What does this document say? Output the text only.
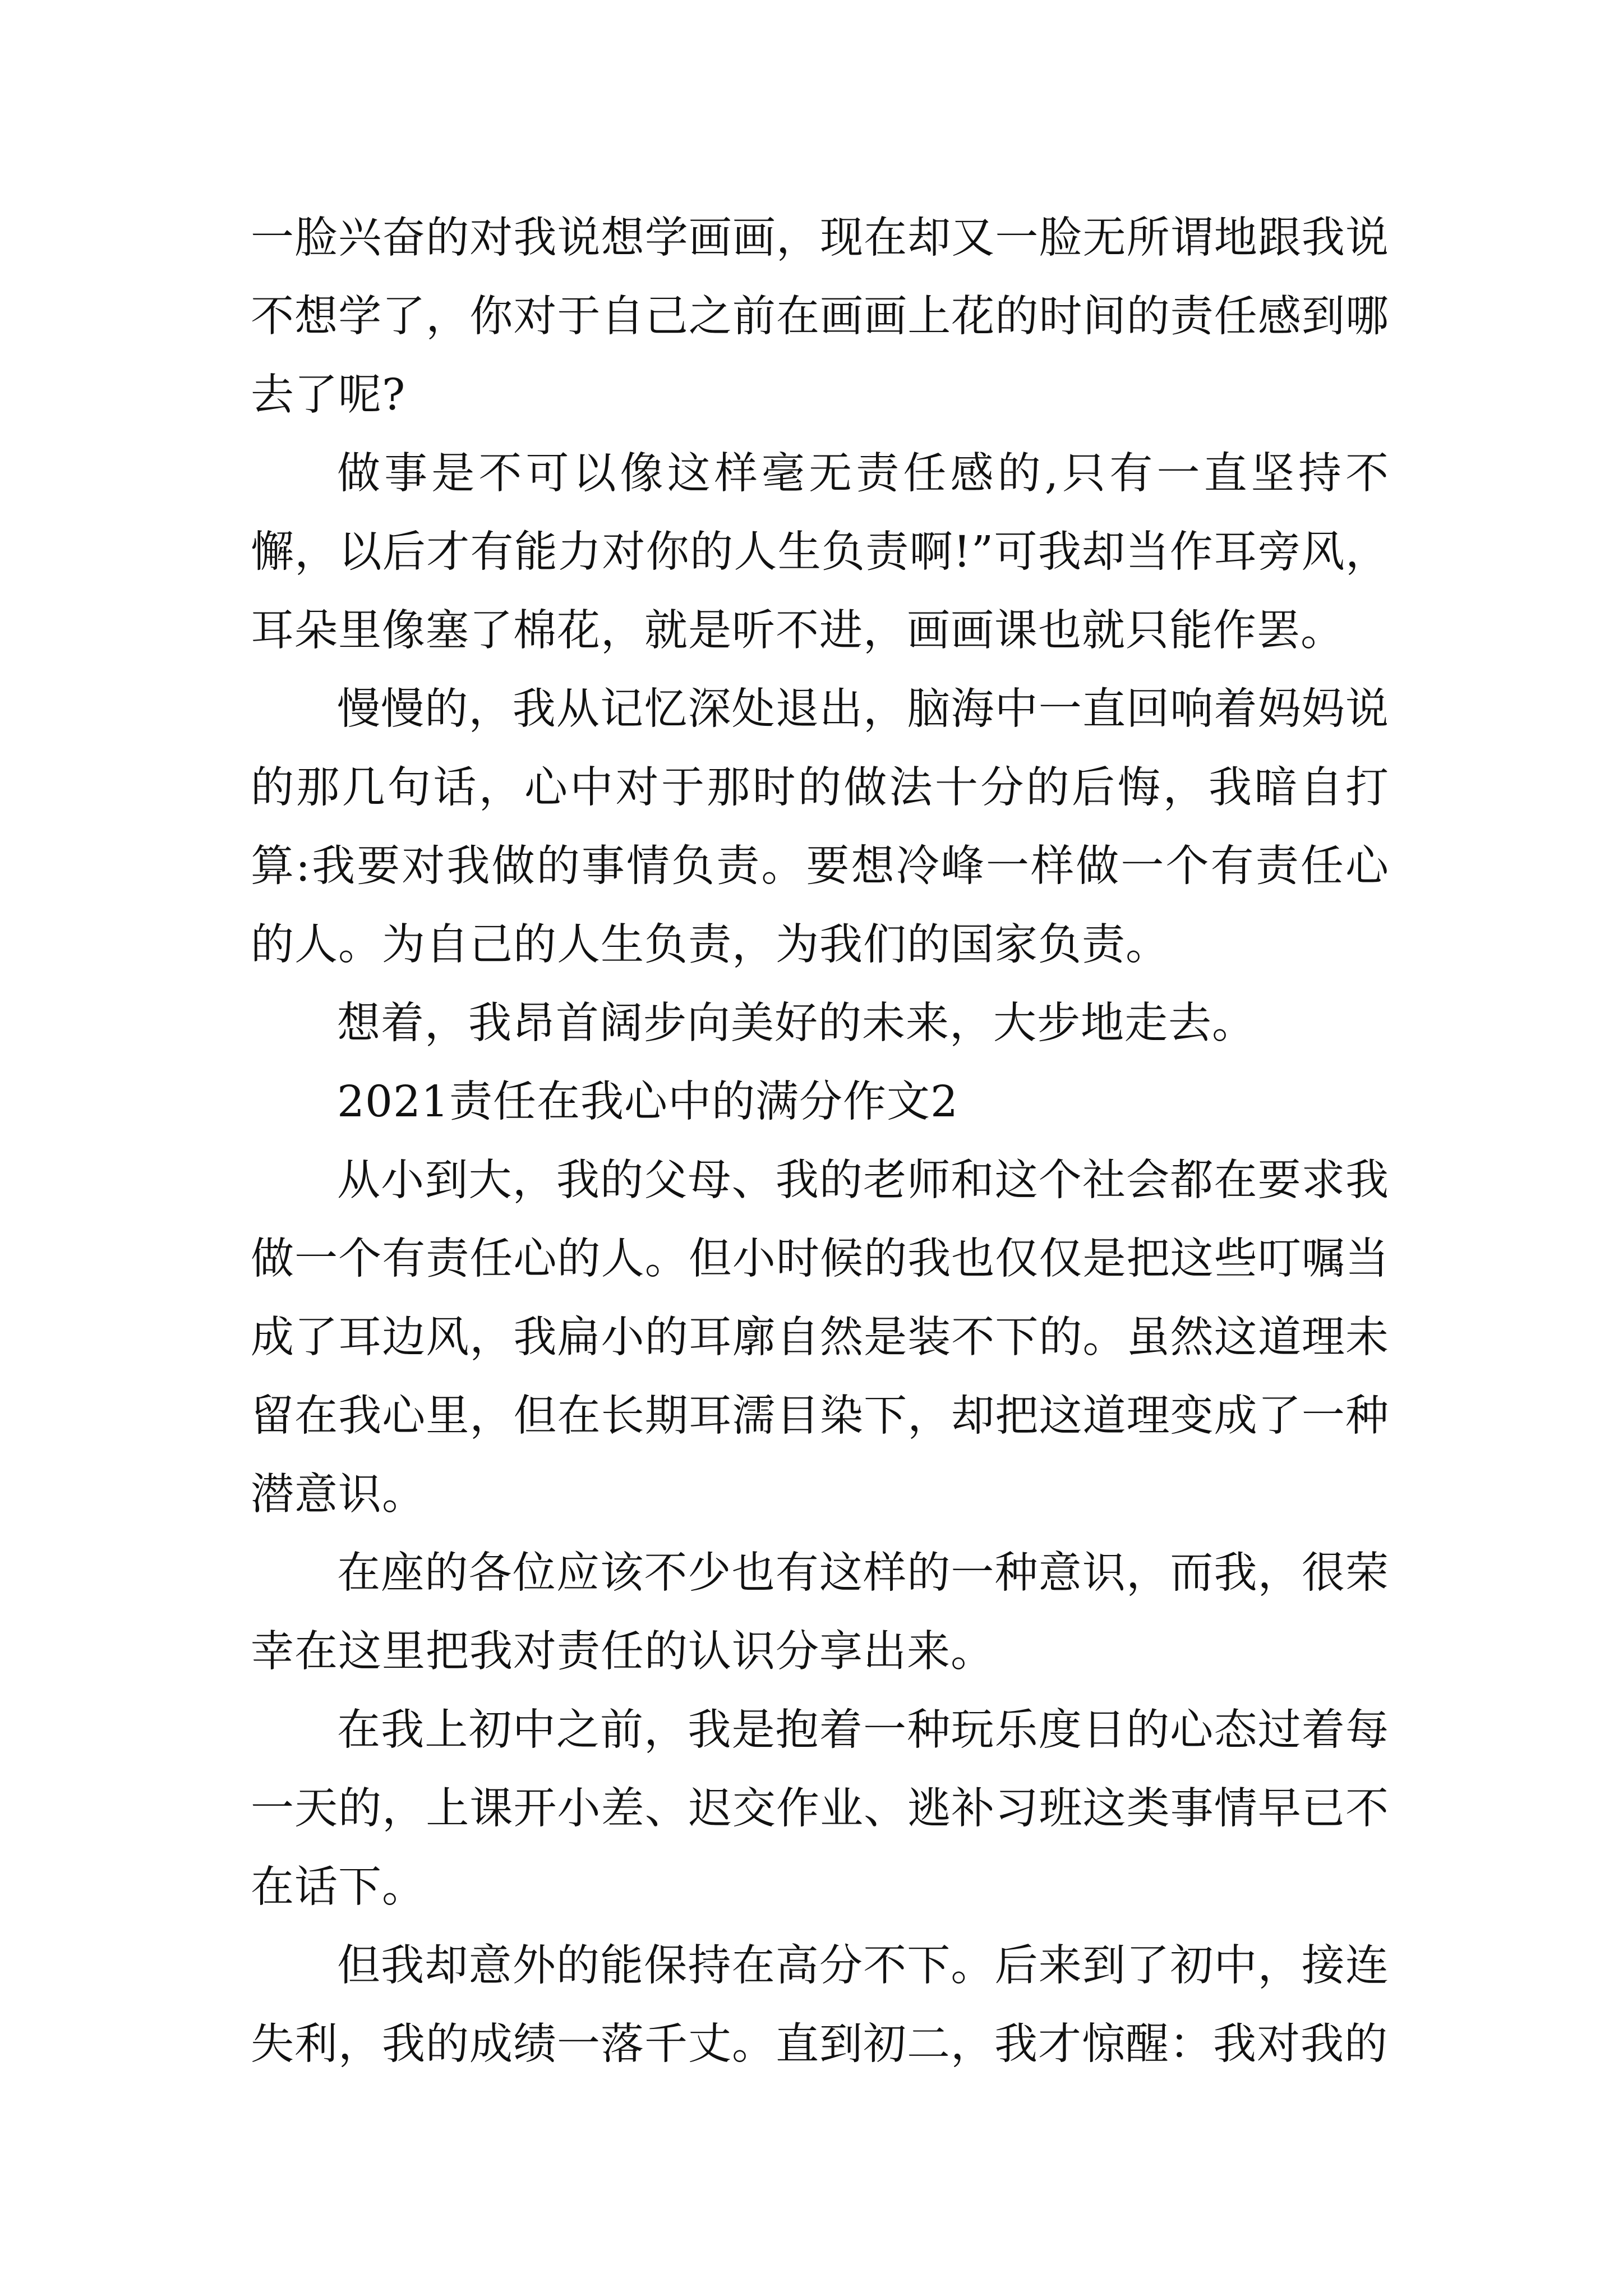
一脸兴奋的对我说想学画画，现在却又一脸无所谓地跟我说不想学了，你对于自己之前在画画上花的时间的责任感到哪去了呢?

做事是不可以像这样毫无责任感的,只有一直坚持不懈，以后才有能力对你的人生负责啊!”可我却当作耳旁风，耳朵里像塞了棉花，就是听不进，画画课也就只能作罢。

慢慢的，我从记忆深处退出，脑海中一直回响着妈妈说的那几句话，心中对于那时的做法十分的后悔，我暗自打算:我要对我做的事情负责。要想冷峰一样做一个有责任心的人。为自己的人生负责，为我们的国家负责。

想着，我昂首阔步向美好的未来，大步地走去。

2021责任在我心中的满分作文2

从小到大，我的父母、我的老师和这个社会都在要求我做一个有责任心的人。但小时候的我也仅仅是把这些叮嘱当成了耳边风，我扁小的耳廓自然是装不下的。虽然这道理未留在我心里，但在长期耳濡目染下，却把这道理变成了一种潜意识。

在座的各位应该不少也有这样的一种意识，而我，很荣幸在这里把我对责任的认识分享出来。

在我上初中之前，我是抱着一种玩乐度日的心态过着每一天的，上课开小差、迟交作业、逃补习班这类事情早已不在话下。

但我却意外的能保持在高分不下。后来到了初中，接连失利，我的成绩一落千丈。直到初二，我才惊醒：我对我的
